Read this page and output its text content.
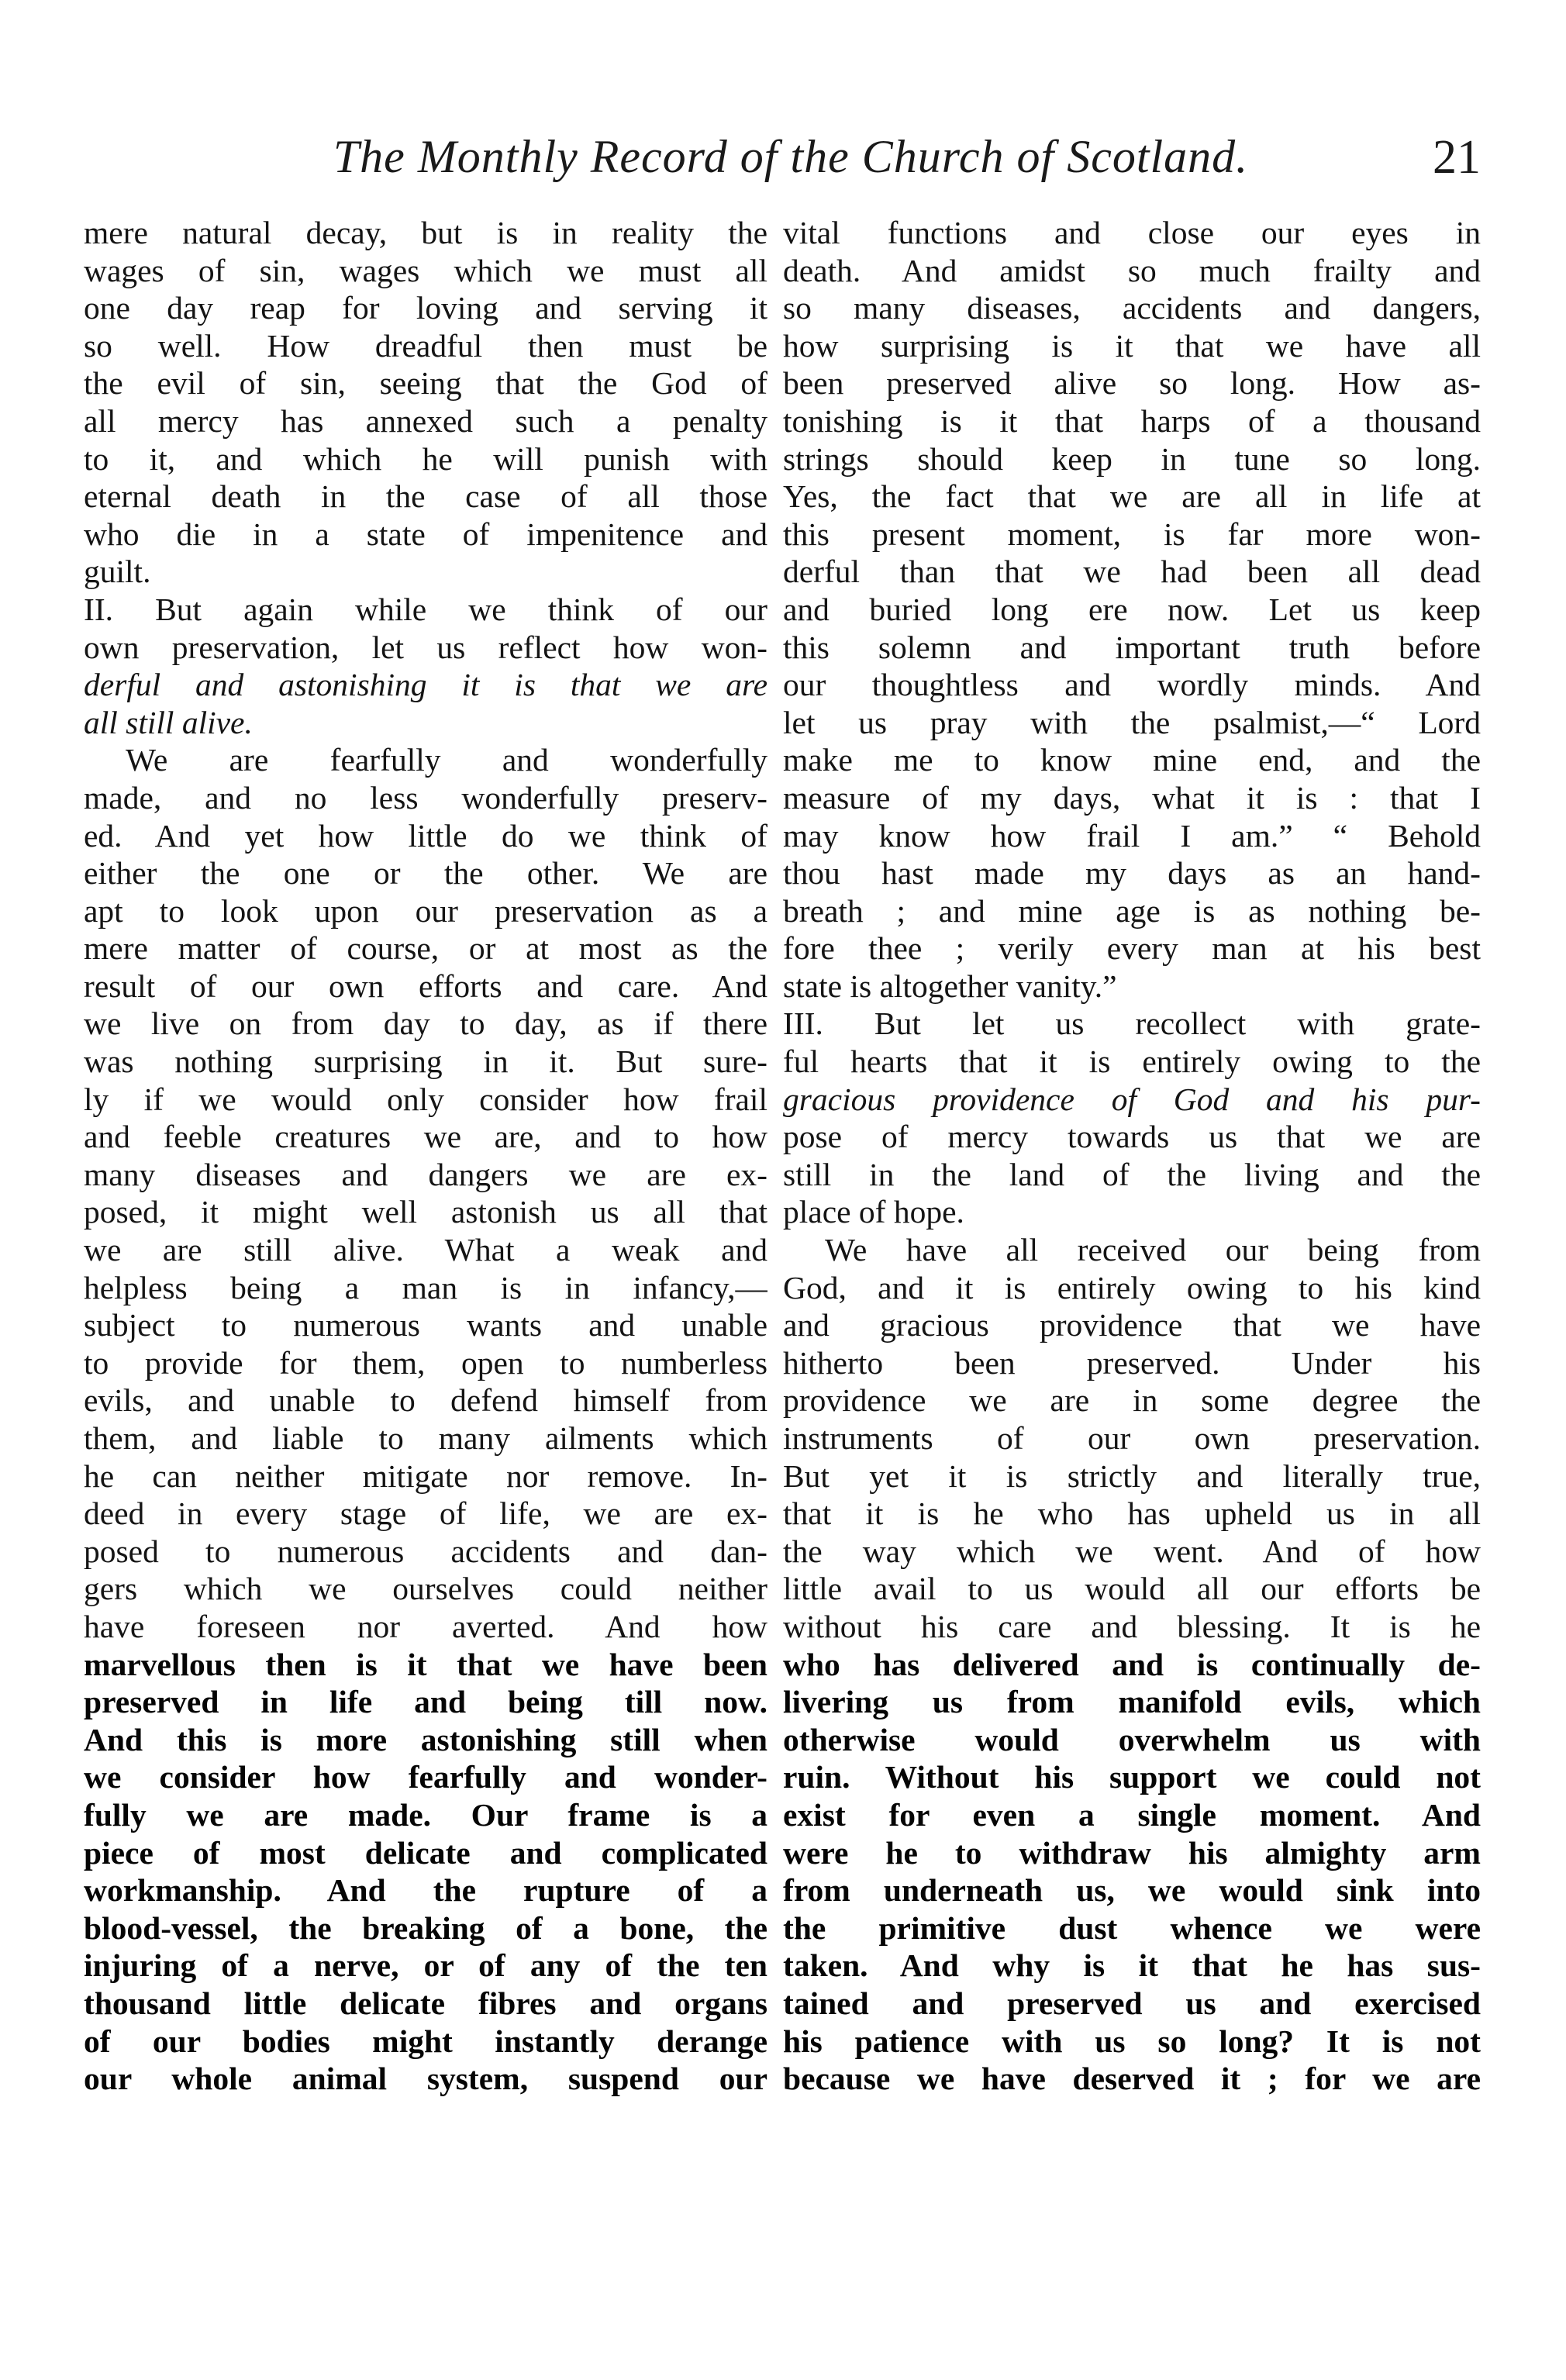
The Monthly Record of the Church of Scotland.	21
mere natural decay, but is in reality the
wages of sin, wages which we must all
one day reap for loving and serving it
so well. How dreadful then must be
the evil of sin, seeing that the God of
all mercy has annexed such a penalty
to it, and which he will punish with
eternal death in the case of all those
who die in a state of impenitence and
guilt.
II. But again while we think of our
own preservation, let us reflect how won-
derful and astonishing it is that we are
all still alive.
We are fearfully and wonderfully
made, and no less wonderfully preserv-
ed. And yet how little do we think of
either the one or the other. We are
apt to look upon our preservation as a
mere matter of course, or at most as the
result of our own efforts and care. And
we live on from day to day, as if there
was nothing surprising in it. But sure-
ly if we would only consider how frail
and feeble creatures we are, and to how
many diseases and dangers we are ex-
posed, it might well astonish us all that
we are still alive. What a weak and
helpless being a man is in infancy,—
subject to numerous wants and unable
to provide for them, open to numberless
evils, and unable to defend himself from
them, and liable to many ailments which
he can neither mitigate nor remove. In-
deed in every stage of life, we are ex-
posed to numerous accidents and dan-
gers which we ourselves could neither
have foreseen nor averted. And how
marvellous then is it that we have been
preserved in life and being till now.
And this is more astonishing still when
we consider how fearfully and wonder-
fully we are made. Our frame is a
piece of most delicate and complicated
workmanship. And the rupture of a
blood-vessel, the breaking of a bone, the
injuring of a nerve, or of any of the ten
thousand little delicate fibres and organs
of our bodies might instantly derange
our whole animal system, suspend our
vital functions and close our eyes in
death. And amidst so much frailty and
so many diseases, accidents and dangers,
how surprising is it that we have all
been preserved alive so long. How as-
tonishing is it that harps of a thousand
strings should keep in tune so long.
Yes, the fact that we are all in life at
this present moment, is far more won-
derful than that we had been all dead
and buried long ere now. Let us keep
this solemn and important truth before
our thoughtless and wordly minds. And
let us pray with the psalmist,—“ Lord
make me to know mine end, and the
measure of my days, what it is : that I
may know how frail I am.” “ Behold
thou hast made my days as an hand-
breath ; and mine age is as nothing be-
fore thee ; verily every man at his best
state is altogether vanity.”
III. But let us recollect with grate-
ful hearts that it is entirely owing to the
gracious providence of God and his pur-
pose of mercy towards us that we are
still in the land of the living and the
place of hope.
We have all received our being from
God, and it is entirely owing to his kind
and gracious providence that we have
hitherto been preserved. Under his
providence we are in some degree the
instruments of our own preservation.
But yet it is strictly and literally true,
that it is he who has upheld us in all
the way which we went. And of how
little avail to us would all our efforts be
without his care and blessing. It is he
who has delivered and is continually de-
livering us from manifold evils, which
otherwise would overwhelm us with
ruin. Without his support we could not
exist for even a single moment. And
were he to withdraw his almighty arm
from underneath us, we would sink into
the primitive dust whence we were
taken. And why is it that he has sus-
tained and preserved us and exercised
his patience with us so long? It is not
because we have deserved it ; for we are
